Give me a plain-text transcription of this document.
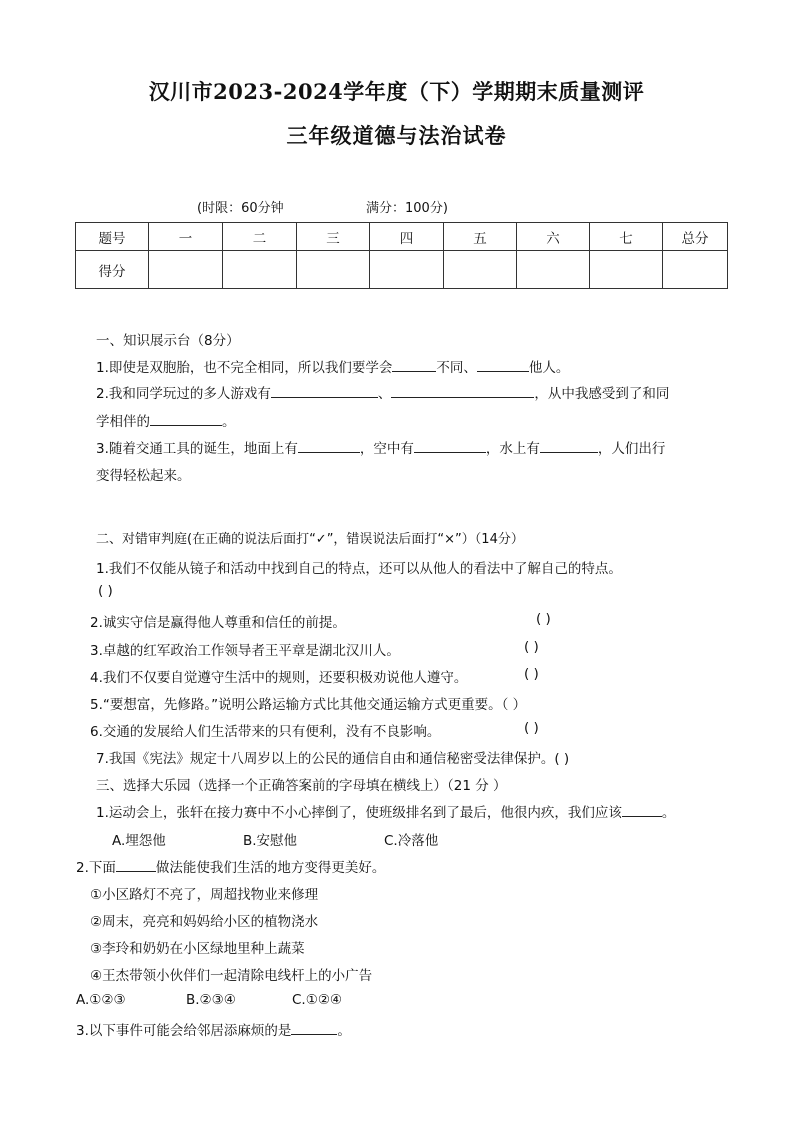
汉川市2023-2024学年度（下）学期期末质量测评
三年级道德与法治试卷
(时限：60分钟	满分：100分)
题号	一	二	三	四	五	六	七	总分
得分								
一、知识展示台（8分）
1.即使是双胞胎，也不完全相同，所以我们要学会	不同、	他人。
2.我和同学玩过的多人游戏有	、	，从中我感受到了和同
学相伴的	。
3.随着交通工具的诞生，地面上有	，空中有	，水上有	，人们出行
变得轻松起来。
二、对错审判庭(在正确的说法后面打“✓”，错误说法后面打“×”）（14分）
1.我们不仅能从镜子和活动中找到自己的特点，还可以从他人的看法中了解自己的特点。
( )
2.诚实守信是赢得他人尊重和信任的前提。	( )
3.卓越的红军政治工作领导者王平章是湖北汉川人。	( )
4.我们不仅要自觉遵守生活中的规则，还要积极劝说他人遵守。	( )
5.“要想富，先修路。”说明公路运输方式比其他交通运输方式更重要。（ ）
6.交通的发展给人们生活带来的只有便利，没有不良影响。	( )
7.我国《宪法》规定十八周岁以上的公民的通信自由和通信秘密受法律保护。( )
三、选择大乐园（选择一个正确答案前的字母填在横线上）（21 分 ）
1.运动会上，张轩在接力赛中不小心摔倒了，使班级排名到了最后，他很内疚，我们应该	。
A.埋怨他	B.安慰他	C.冷落他
2.下面	做法能使我们生活的地方变得更美好。
①小区路灯不亮了，周超找物业来修理
②周末，亮亮和妈妈给小区的植物浇水
③李玲和奶奶在小区绿地里种上蔬菜
④王杰带领小伙伴们一起清除电线杆上的小广告
A.①②③	B.②③④	C.①②④
3.以下事件可能会给邻居添麻烦的是	。
